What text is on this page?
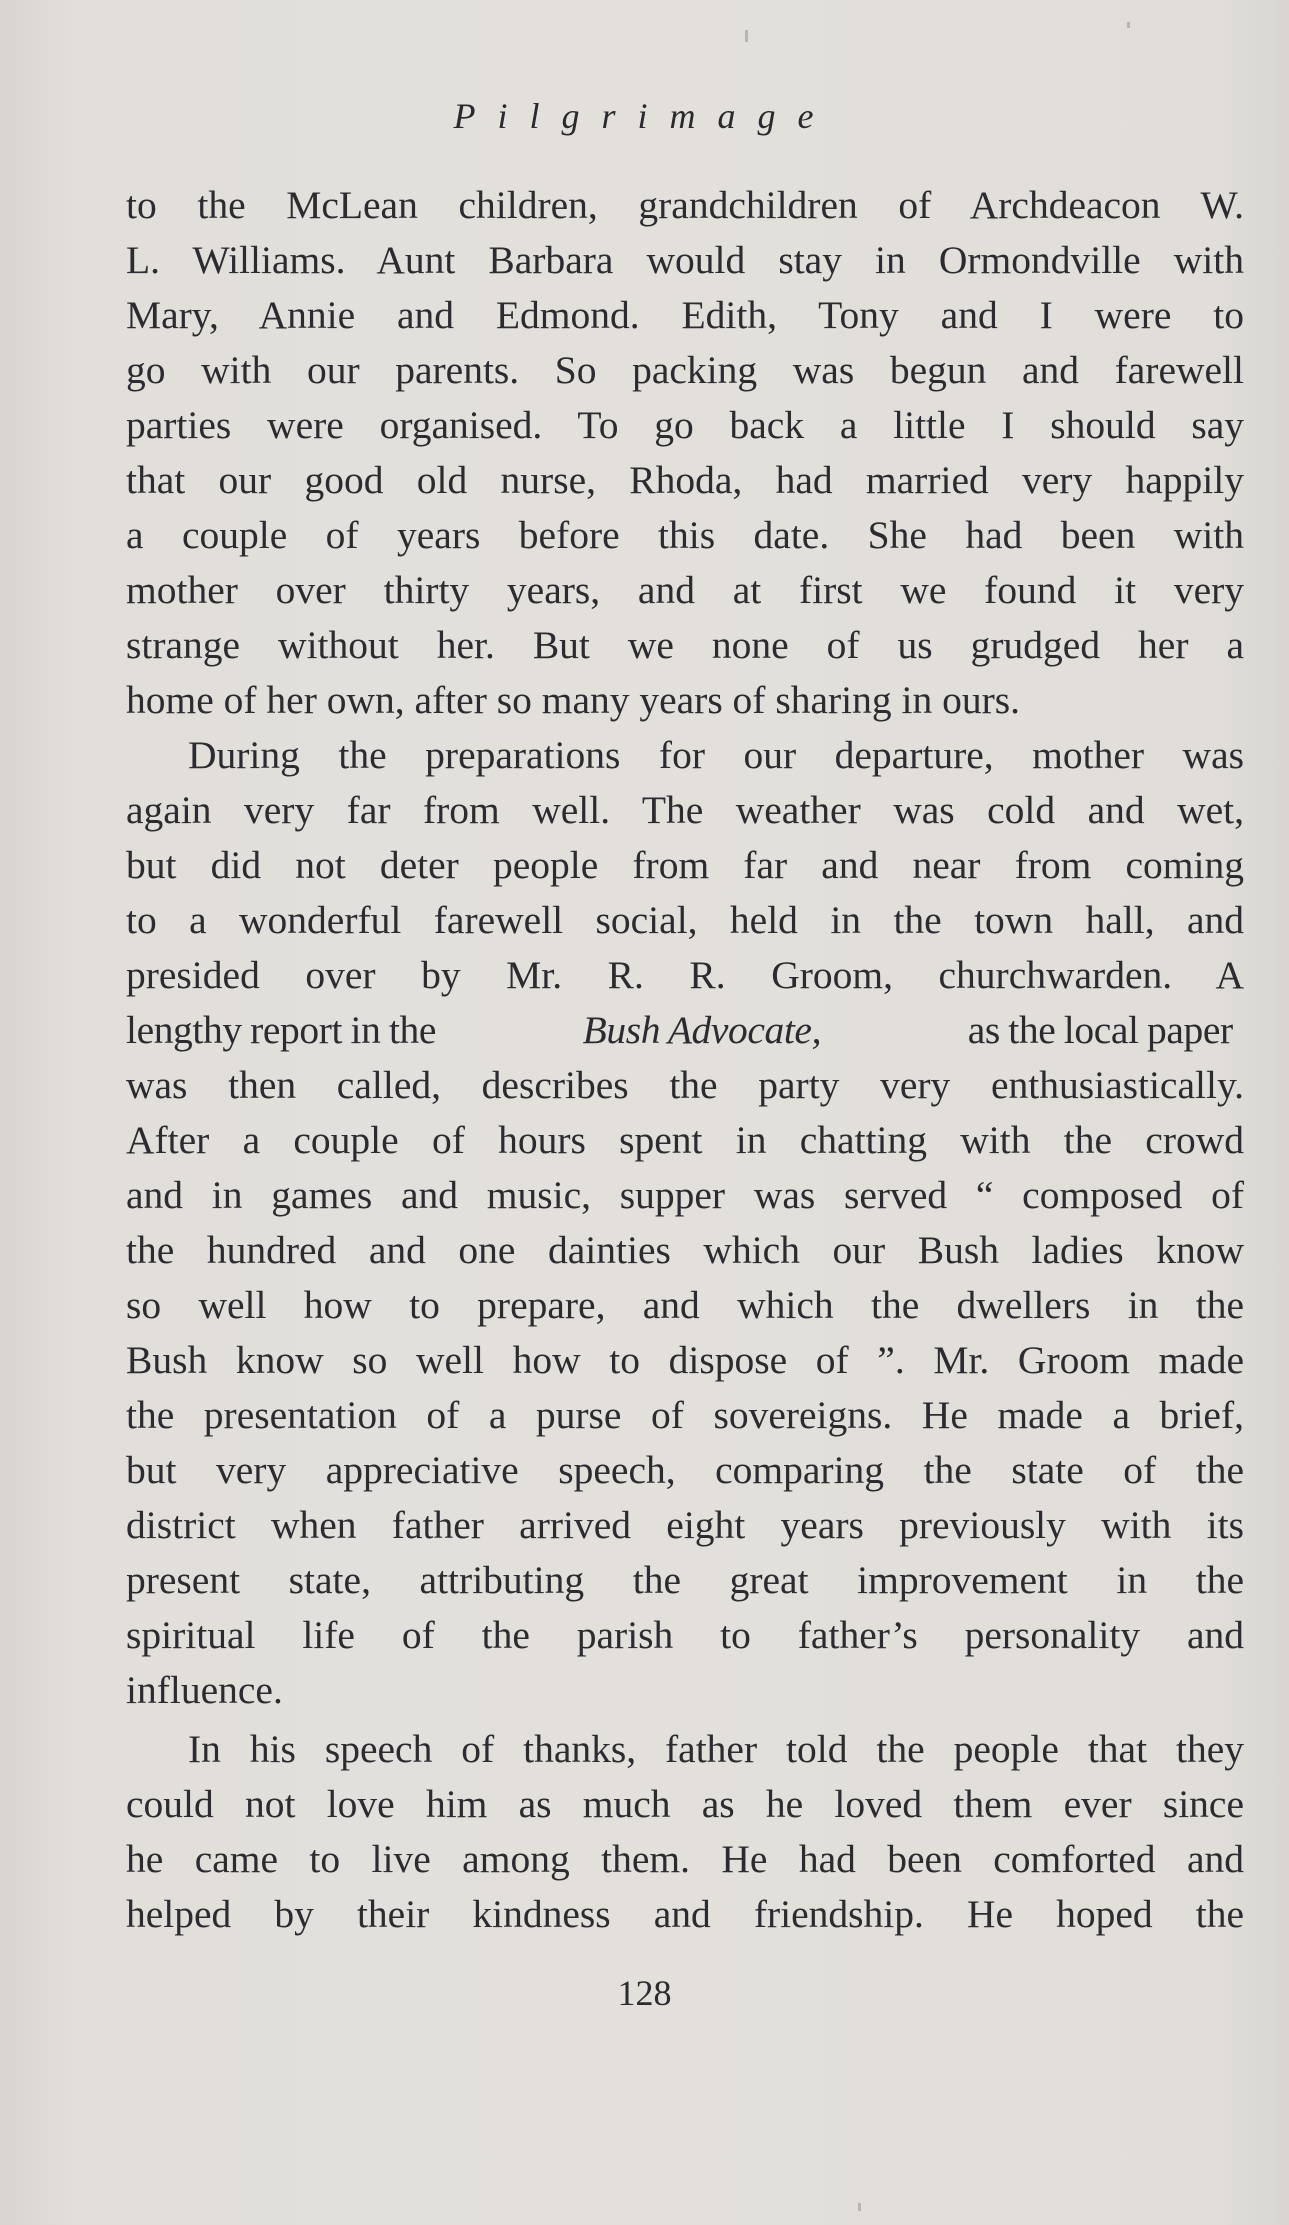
Pilgrimage
to the McLean children, grandchildren of Archdeacon W.
L. Williams. Aunt Barbara would stay in Ormondville with
Mary, Annie and Edmond. Edith, Tony and I were to
go with our parents. So packing was begun and farewell
parties were organised. To go back a little I should say
that our good old nurse, Rhoda, had married very happily
a couple of years before this date. She had been with
mother over thirty years, and at first we found it very
strange without her. But we none of us grudged her a
home of her own, after so many years of sharing in ours.
During the preparations for our departure, mother was
again very far from well. The weather was cold and wet,
but did not deter people from far and near from coming
to a wonderful farewell social, held in the town hall, and
presided over by Mr. R. R. Groom, churchwarden. A
lengthy report in the	Bush Advocate,	as the local paper
was then called, describes the party very enthusiastically.
After a couple of hours spent in chatting with the crowd
and in games and music, supper was served “ composed of
the hundred and one dainties which our Bush ladies know
so well how to prepare, and which the dwellers in the
Bush know so well how to dispose of ”. Mr. Groom made
the presentation of a purse of sovereigns. He made a brief,
but very appreciative speech, comparing the state of the
district when father arrived eight years previously with its
present state, attributing the great improvement in the
spiritual life of the parish to father’s personality and
influence.
In his speech of thanks, father told the people that they
could not love him as much as he loved them ever since
he came to live among them. He had been comforted and
helped by their kindness and friendship. He hoped the
128
